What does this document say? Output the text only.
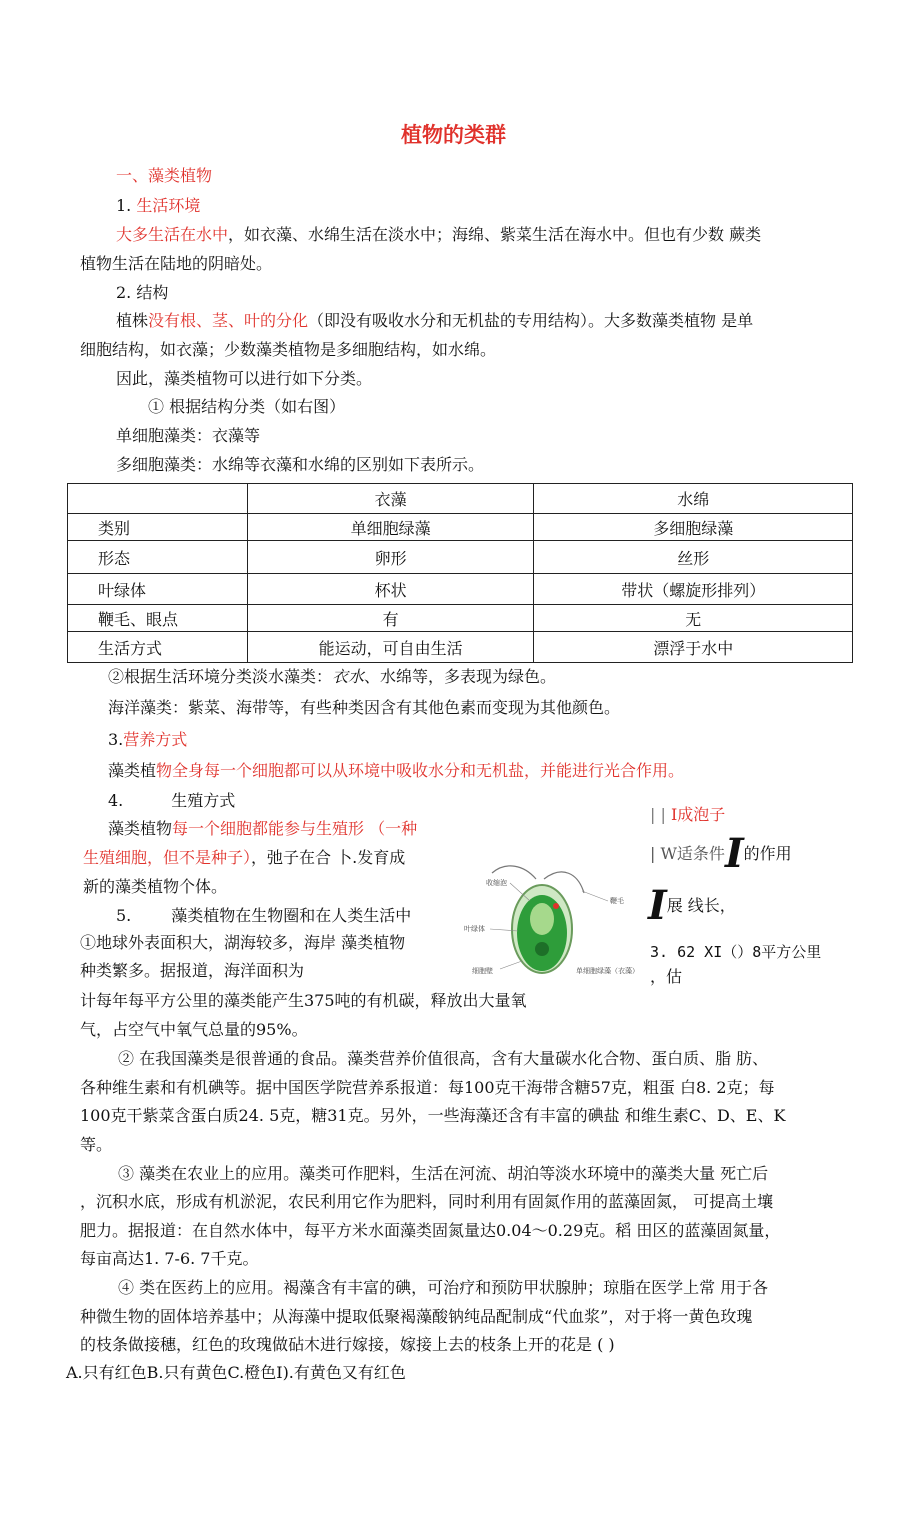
植物的类群
一、藻类植物
1. 生活环境
大多生活在水中，如衣藻、水绵生活在淡水中；海绵、紫菜生活在海水中。但也有少数 蕨类
植物生活在陆地的阴暗处。
2. 结构
植株没有根、茎、叶的分化（即没有吸收水分和无机盐的专用结构）。大多数藻类植物 是单
细胞结构，如衣藻；少数藻类植物是多细胞结构，如水绵。
因此，藻类植物可以进行如下分类。
① 根据结构分类（如右图）
单细胞藻类：衣藻等
多细胞藻类：水绵等衣藻和水绵的区别如下表所示。
	衣藻	水绵
类别	单细胞绿藻	多细胞绿藻
形态	卵形	丝形
叶绿体	杯状	带状（螺旋形排列）
鞭毛、眼点	有	无
生活方式	能运动，可自由生活	漂浮于水中
②根据生活环境分类淡水藻类：衣水、水绵等，多表现为绿色。
海洋藻类：紫菜、海带等，有些种类因含有其他色素而变现为其他颜色。
3.营养方式
藻类植物全身每一个细胞都可以从环境中吸收水分和无机盐，并能进行光合作用。
4.	生殖方式
藻类植物每一个细胞都能参与生殖形 （一种
生殖细胞，但不是种子），弛子在合 卜.发育成
新的藻类植物个体。
| | I成泡子
| W适条件I的作用
I展 线长，
3. 62 XI（）8平方公里
，估
收缩泡
叶绿体
细胞壁
鞭毛
单细胞绿藻（衣藻）
5.	藻类植物在生物圈和在人类生活中
①地球外表面积大，湖海较多，海岸 藻类植物
种类繁多。据报道，海洋面积为
计每年每平方公里的藻类能产生375吨的有机碳，释放出大量氧
气，占空气中氧气总量的95%。
② 在我国藻类是很普通的食品。藻类营养价值很高，含有大量碳水化合物、蛋白质、脂 肪、
各种维生素和有机碘等。据中国医学院营养系报道：每100克干海带含糖57克，粗蛋 白8. 2克；每
100克干紫菜含蛋白质24. 5克，糖31克。另外，一些海藻还含有丰富的碘盐 和维生素C、D、E、K
等。
③ 藻类在农业上的应用。藻类可作肥料，生活在河流、胡泊等淡水环境中的藻类大量 死亡后
，沉积水底，形成有机淤泥，农民利用它作为肥料，同时利用有固氮作用的蓝藻固氮， 可提高土壤
肥力。据报道：在自然水体中，每平方米水面藻类固氮量达0.04〜0.29克。稻 田区的蓝藻固氮量，
每亩高达1. 7-6. 7千克。
④ 类在医药上的应用。褐藻含有丰富的碘，可治疗和预防甲状腺肿；琼脂在医学上常 用于各
种微生物的固体培养基中；从海藻中提取低聚褐藻酸钠纯品配制成“代血浆”，对于将一黄色玫瑰
的枝条做接穗，红色的玫瑰做砧木进行嫁接，嫁接上去的枝条上开的花是 ( )
A.只有红色B.只有黄色C.橙色I).有黄色又有红色
